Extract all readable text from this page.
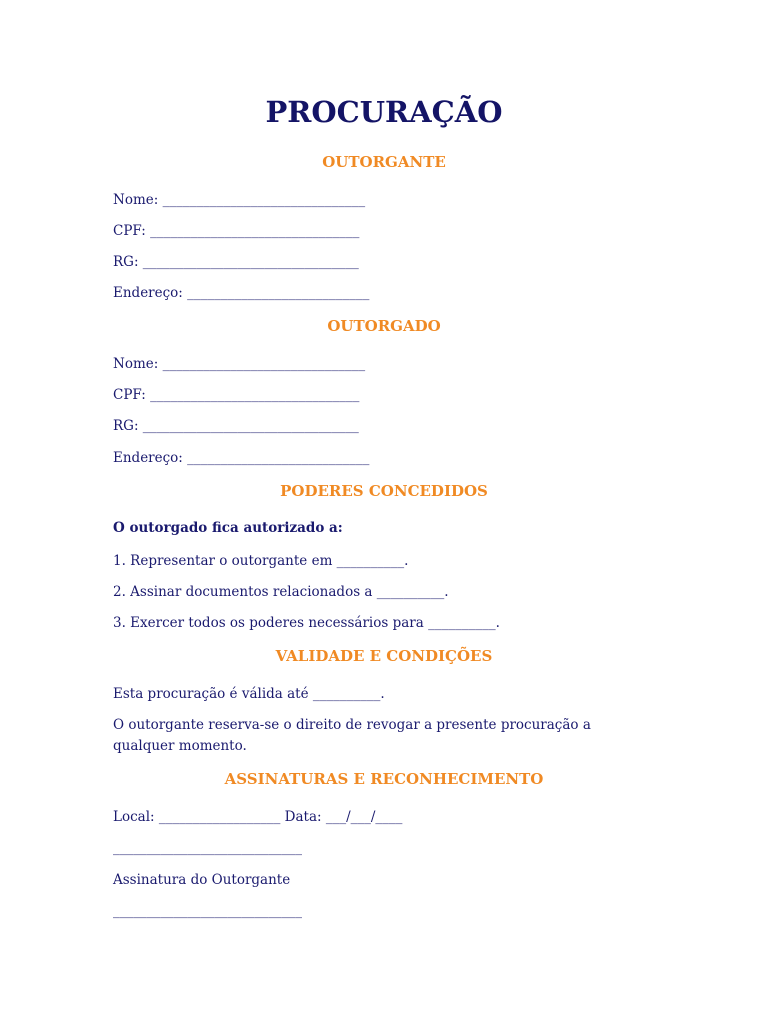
PROCURAÇÃO
OUTORGANTE

Nome: ______________________________

CPF: _______________________________

RG: ________________________________

Endereço: ___________________________

OUTORGADO

Nome: ______________________________

CPF: _______________________________

RG: ________________________________

Endereço: ___________________________

PODERES CONCEDIDOS

O outorgado fica autorizado a:

1. Representar o outorgante em __________.

2. Assinar documentos relacionados a __________.

3. Exercer todos os poderes necessários para __________.

VALIDADE E CONDIÇÕES

Esta procuração é válida até __________.

O outorgante reserva-se o direito de revogar a presente procuração a qualquer momento.

ASSINATURAS E RECONHECIMENTO

Local: __________________ Data: ___/___/____

____________________________

Assinatura do Outorgante

____________________________
